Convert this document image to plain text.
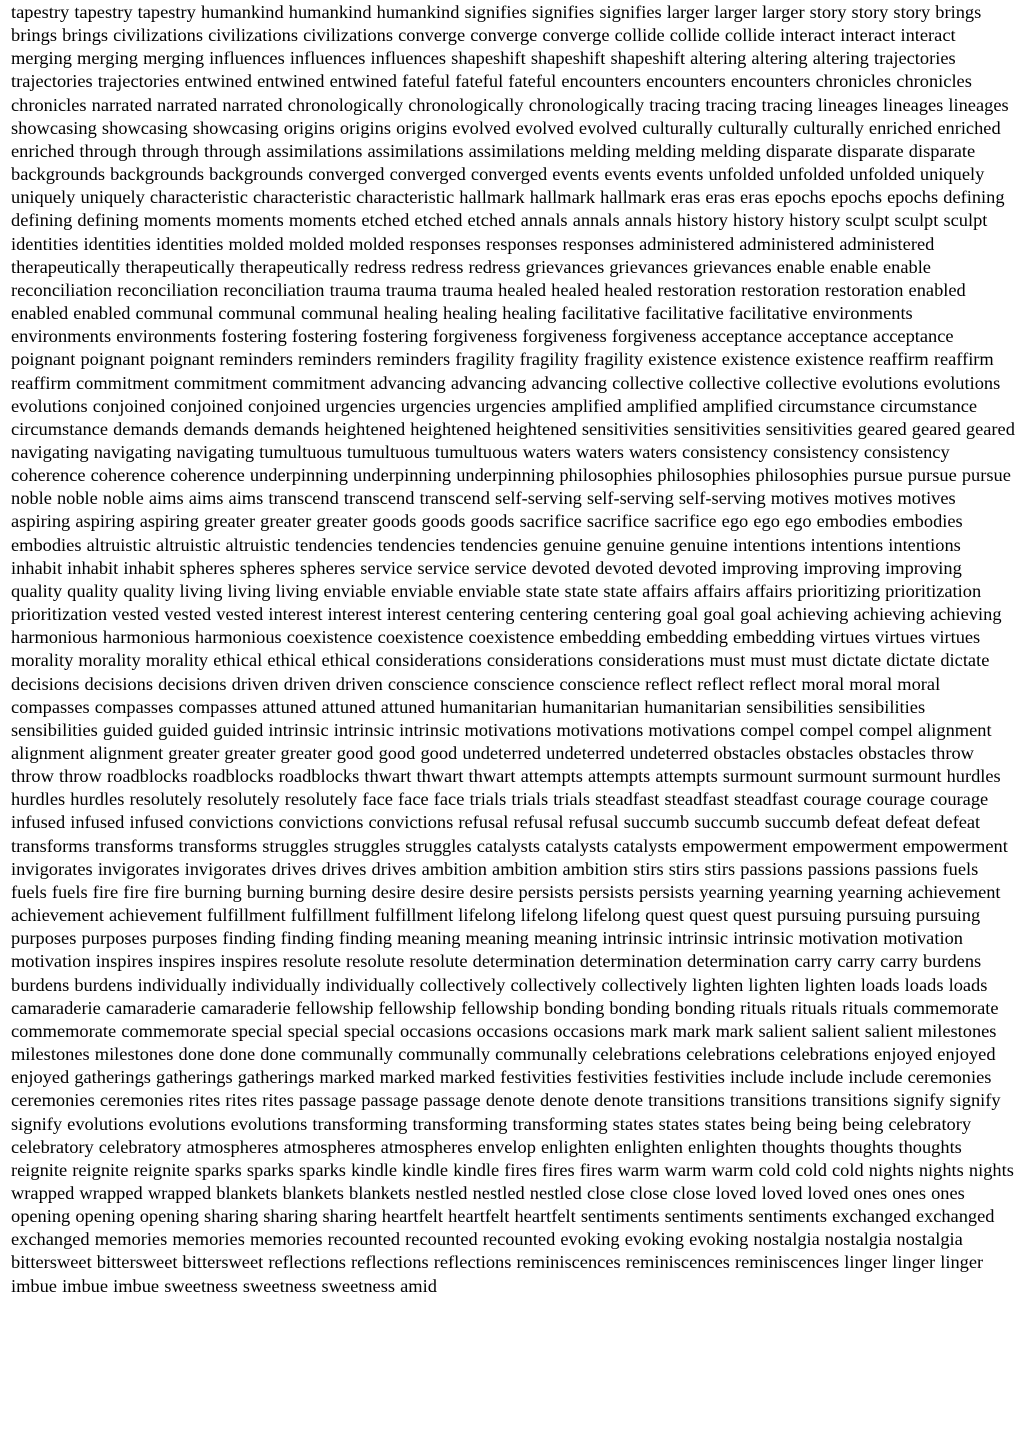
tapestry tapestry tapestry humankind humankind humankind signifies signifies signifies larger larger larger story story story brings brings brings civilizations civilizations civilizations converge converge converge collide collide collide interact interact interact merging merging merging influences influences influences shapeshift shapeshift shapeshift altering altering altering trajectories trajectories trajectories entwined entwined entwined fateful fateful fateful encounters encounters encounters chronicles chronicles chronicles narrated narrated narrated chronologically chronologically chronologically tracing tracing tracing lineages lineages lineages showcasing showcasing showcasing origins origins origins evolved evolved evolved culturally culturally culturally enriched enriched enriched through through through assimilations assimilations assimilations melding melding melding disparate disparate disparate backgrounds backgrounds backgrounds converged converged converged events events events unfolded unfolded unfolded uniquely uniquely uniquely characteristic characteristic characteristic hallmark hallmark hallmark eras eras eras epochs epochs epochs defining defining defining moments moments moments etched etched etched annals annals annals history history history sculpt sculpt sculpt identities identities identities molded molded molded responses responses responses administered administered administered therapeutically therapeutically therapeutically redress redress redress grievances grievances grievances enable enable enable reconciliation reconciliation reconciliation trauma trauma trauma healed healed healed restoration restoration restoration enabled enabled enabled communal communal communal healing healing healing facilitative facilitative facilitative environments environments environments fostering fostering fostering forgiveness forgiveness forgiveness acceptance acceptance acceptance poignant poignant poignant reminders reminders reminders fragility fragility fragility existence existence existence reaffirm reaffirm reaffirm commitment commitment commitment advancing advancing advancing collective collective collective evolutions evolutions evolutions conjoined conjoined conjoined urgencies urgencies urgencies amplified amplified amplified circumstance circumstance circumstance demands demands demands heightened heightened heightened sensitivities sensitivities sensitivities geared geared geared navigating navigating navigating tumultuous tumultuous tumultuous waters waters waters consistency consistency consistency coherence coherence coherence underpinning underpinning underpinning philosophies philosophies philosophies pursue pursue pursue noble noble noble aims aims aims transcend transcend transcend self-serving self-serving self-serving motives motives motives aspiring aspiring aspiring greater greater greater goods goods goods sacrifice sacrifice sacrifice ego ego ego embodies embodies embodies altruistic altruistic altruistic tendencies tendencies tendencies genuine genuine genuine intentions intentions intentions inhabit inhabit inhabit spheres spheres spheres service service service devoted devoted devoted improving improving improving quality quality quality living living living enviable enviable enviable state state state affairs affairs affairs prioritizing prioritization prioritization vested vested vested interest interest interest centering centering centering goal goal goal achieving achieving achieving harmonious harmonious harmonious coexistence coexistence coexistence embedding embedding embedding virtues virtues virtues morality morality morality ethical ethical ethical considerations considerations considerations must must must dictate dictate dictate decisions decisions decisions driven driven driven conscience conscience conscience reflect reflect reflect moral moral moral compasses compasses compasses attuned attuned attuned humanitarian humanitarian humanitarian sensibilities sensibilities sensibilities guided guided guided intrinsic intrinsic intrinsic motivations motivations motivations compel compel compel alignment alignment alignment greater greater greater good good good undeterred undeterred undeterred obstacles obstacles obstacles throw throw throw roadblocks roadblocks roadblocks thwart thwart thwart attempts attempts attempts surmount surmount surmount hurdles hurdles hurdles resolutely resolutely resolutely face face face trials trials trials steadfast steadfast steadfast courage courage courage infused infused infused convictions convictions convictions refusal refusal refusal succumb succumb succumb defeat defeat defeat transforms transforms transforms struggles struggles struggles catalysts catalysts catalysts empowerment empowerment empowerment invigorates invigorates invigorates drives drives drives ambition ambition ambition stirs stirs stirs passions passions passions fuels fuels fuels fire fire fire burning burning burning desire desire desire persists persists persists yearning yearning yearning achievement achievement achievement fulfillment fulfillment fulfillment lifelong lifelong lifelong quest quest quest pursuing pursuing pursuing purposes purposes purposes finding finding finding meaning meaning meaning intrinsic intrinsic intrinsic motivation motivation motivation inspires inspires inspires resolute resolute resolute determination determination determination carry carry carry burdens burdens burdens individually individually individually collectively collectively collectively lighten lighten lighten loads loads loads camaraderie camaraderie camaraderie fellowship fellowship fellowship bonding bonding bonding rituals rituals rituals commemorate commemorate commemorate special special special occasions occasions occasions mark mark mark salient salient salient milestones milestones milestones done done done communally communally communally celebrations celebrations celebrations enjoyed enjoyed enjoyed gatherings gatherings gatherings marked marked marked festivities festivities festivities include include include ceremonies ceremonies ceremonies rites rites rites passage passage passage denote denote denote transitions transitions transitions signify signify signify evolutions evolutions evolutions transforming transforming transforming states states states being being being celebratory celebratory celebratory atmospheres atmospheres atmospheres envelop enlighten enlighten enlighten thoughts thoughts thoughts reignite reignite reignite sparks sparks sparks kindle kindle kindle fires fires fires warm warm warm cold cold cold nights nights nights wrapped wrapped wrapped blankets blankets blankets nestled nestled nestled close close close loved loved loved ones ones ones opening opening opening sharing sharing sharing heartfelt heartfelt heartfelt sentiments sentiments sentiments exchanged exchanged exchanged memories memories memories recounted recounted recounted evoking evoking evoking nostalgia nostalgia nostalgia bittersweet bittersweet bittersweet reflections reflections reflections reminiscences reminiscences reminiscences linger linger linger imbue imbue imbue sweetness sweetness sweetness amid
